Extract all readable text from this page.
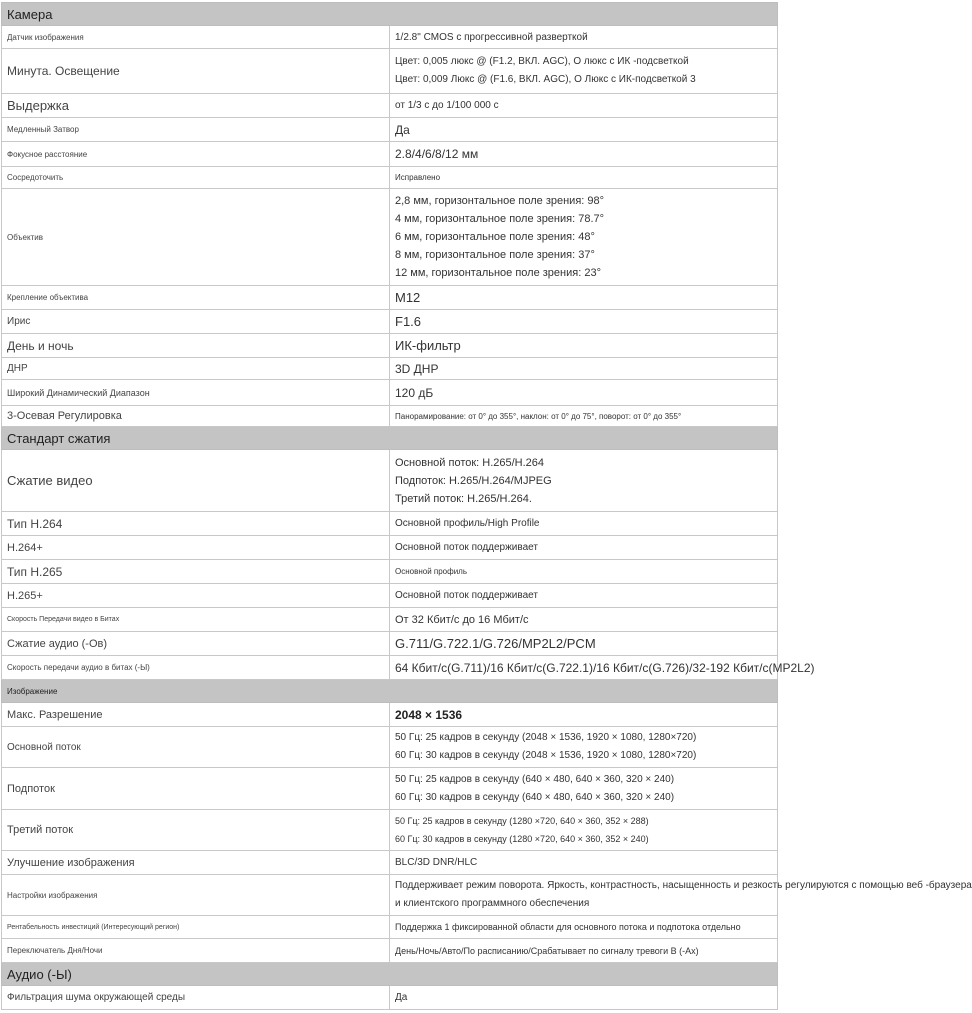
Камера	
Датчик изображения	1/2.8" CMOS с прогрессивной разверткой
Минута. Освещение	Цвет: 0,005 люкс @ (F1.2, ВКЛ. AGC), О люкс с ИК -подсветкой
Цвет: 0,009 Люкс @ (F1.6, ВКЛ. AGC), О Люкс с ИК-подсветкой 3

Выдержка	от 1/3 с до 1/100 000 с
Медленный Затвор	Да
Фокусное расстояние	2.8/4/6/8/12 мм
Сосредоточить	Исправлено
Объектив	2,8 мм, горизонтальное поле зрения: 98°
4 мм, горизонтальное поле зрения: 78.7°
6 мм, горизонтальное поле зрения: 48°
8 мм, горизонтальное поле зрения: 37°
12 мм, горизонтальное поле зрения: 23°

Крепление объектива	M12
Ирис	F1.6
День и ночь	ИК-фильтр
ДНР	3D ДНР
Широкий Динамический Диапазон	120 дБ
3-Осевая Регулировка	Панорамирование: от 0° до 355°, наклон: от 0° до 75°, поворот: от 0° до 355°
Стандарт сжатия	
Сжатие видео	Основной поток: H.265/H.264
Подпоток: H.265/H.264/MJPEG
Третий поток: H.265/H.264.

Тип H.264	Основной профиль/High Profile
H.264+	Основной поток поддерживает
Тип H.265	Основной профиль
H.265+	Основной поток поддерживает
Скорость Передачи видео в Битах	От 32 Кбит/с до 16 Мбит/с
Сжатие аудио (-Ов)	G.711/G.722.1/G.726/MP2L2/PCM
Скорость передачи аудио в битах (-Ы)	64 Кбит/с(G.711)/16 Кбит/с(G.722.1)/16 Кбит/с(G.726)/32-192 Кбит/с(MP2L2)
Изображение	
Макс. Разрешение	2048 × 1536
Основной поток	50 Гц: 25 кадров в секунду (2048 × 1536, 1920 × 1080, 1280×720)
60 Гц: 30 кадров в секунду (2048 × 1536, 1920 × 1080, 1280×720)

Подпоток	50 Гц: 25 кадров в секунду (640 × 480, 640 × 360, 320 × 240)
60 Гц: 30 кадров в секунду (640 × 480, 640 × 360, 320 × 240)

Третий поток	50 Гц: 25 кадров в секунду (1280 ×720, 640 × 360, 352 × 288)
60 Гц: 30 кадров в секунду (1280 ×720, 640 × 360, 352 × 240)

Улучшение изображения	BLC/3D DNR/HLC
Настройки изображения	Поддерживает режим поворота. Яркость, контрастность, насыщенность и резкость регулируются с помощью веб -браузера
и клиентского программного обеспечения

Рентабельность инвестиций (Интересующий регион)	Поддержка 1 фиксированной области для основного потока и подпотока отдельно
Переключатель Дня/Ночи	День/Ночь/Авто/По расписанию/Срабатывает по сигналу тревоги В (-Ах)
Аудио (-Ы)	
Фильтрация шума окружающей среды	Да
